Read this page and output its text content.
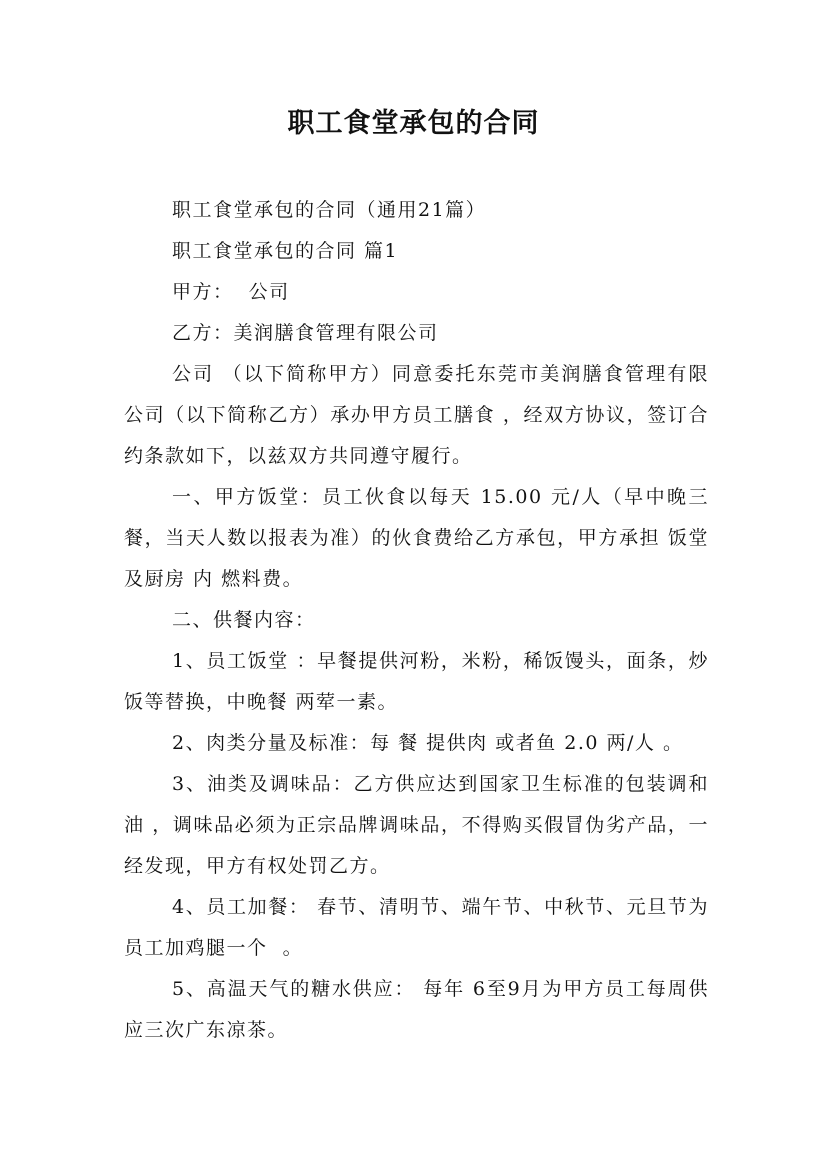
职工食堂承包的合同

职工食堂承包的合同（通用21篇）

职工食堂承包的合同 篇1

甲方：  公司

乙方：美润膳食管理有限公司

公司 （以下简称甲方）同意委托东莞市美润膳食管理有限公司（以下简称乙方）承办甲方员工膳食 ，经双方协议，签订合约条款如下，以兹双方共同遵守履行。

一、甲方饭堂：员工伙食以每天 15.00 元/人（早中晚三餐，当天人数以报表为准）的伙食费给乙方承包，甲方承担 饭堂及厨房 内 燃料费。

二、供餐内容：

1、员工饭堂 ：早餐提供河粉，米粉，稀饭馒头，面条，炒饭等替换，中晚餐 两荤一素。

2、肉类分量及标准：每 餐 提供肉 或者鱼 2.0 两/人 。

3、油类及调味品：乙方供应达到国家卫生标准的包装调和油 ，调味品必须为正宗品牌调味品，不得购买假冒伪劣产品，一经发现，甲方有权处罚乙方。

4、员工加餐： 春节、清明节、端午节、中秋节、元旦节为员工加鸡腿一个  。

5、高温天气的糖水供应： 每年 6至9月为甲方员工每周供应三次广东凉茶。
